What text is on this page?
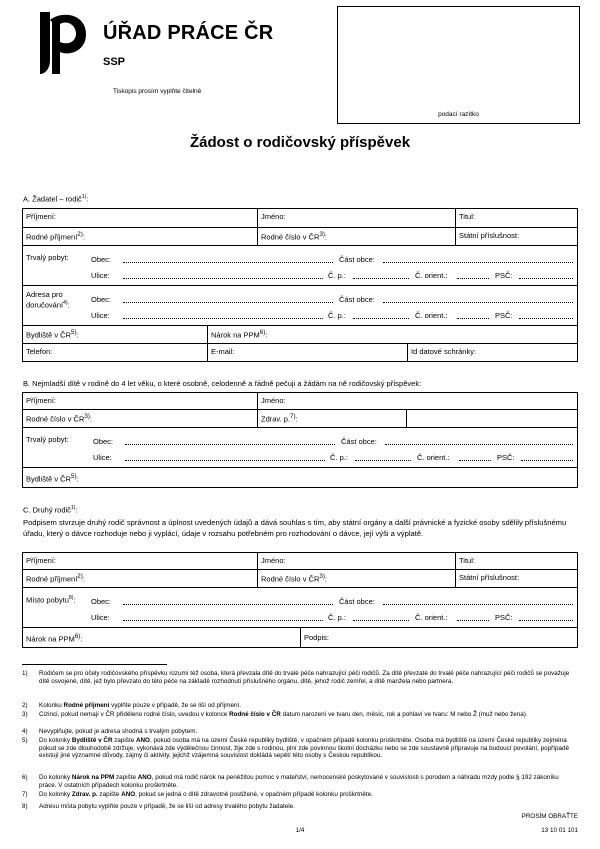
ÚŘAD PRÁCE ČR
SSP
Tiskopis prosím vyplňte čitelně
podací razítko
Žádost o rodičovský příspěvek
A. Žadatel – rodič$^{1)}$:
Příjmení:	Jméno:	Titul:
Rodné příjmení$^{2)}$:	Rodné číslo v ČR$^{3)}$:	Státní příslušnost:
Trvalý pobyt:	Obec:	Část obce:
Ulice:	Č. p.:	Č. orient.:	PSČ:
Adresa pro
doručování$^{4)}$:
Obec:	Část obce:
Ulice:	Č. p.:	Č. orient.:	PSČ:
Bydliště v ČR$^{5)}$:	Nárok na PPM$^{6)}$:
Telefon:	E-mail:	Id datové schránky:
B. Nejmladší dítě v rodině do 4 let věku, o které osobně, celodenně a řádně pečuji a žádám na ně rodičovský příspěvek:
Příjmení:	Jméno:
Rodné číslo v ČR$^{3)}$:	Zdrav. p.$^{7)}$:
Trvalý pobyt:	Obec:	Část obce:
Ulice:	Č. p.:	Č. orient.:	PSČ:
Bydliště v ČR$^{5)}$:
C. Druhý rodič$^{1)}$:
Podpisem stvrzuje druhý rodič správnost a úplnost uvedených údajů a dává souhlas s tím, aby státní orgány a další právnické a fyzické osoby sdělily příslušnému úřadu, který o dávce rozhoduje nebo ji vyplácí, údaje v rozsahu potřebném pro rozhodování o dávce, její výši a výplatě.
Příjmení:	Jméno:	Titul:
Rodné příjmení$^{2)}$:	Rodné číslo v ČR$^{3)}$:	Státní příslušnost:
Místo pobytu$^{8)}$: Obec:	Část obce:
Ulice:	Č. p.:	Č. orient.:	PSČ:
Nárok na PPM$^{6)}$:	Podpis:
1) Rodičem se pro účely rodičovského příspěvku rozumí též osoba, která převzala dítě do trvalé péče nahrazující péči rodičů. Za dítě převzaté do trvalé péče nahrazující péči rodičů se považuje dítě osvojené, dítě, jež bylo převzato do této péče na základě rozhodnutí příslušného orgánu, dítě, jehož rodič zemřel, a dítě manžela nebo partnera.
2) Kolonku Rodné příjmení vyplňte pouze v případě, že se liší od příjmení.
3) Cizinci, pokud nemají v ČR přiděleno rodné číslo, uvedou v kolonce Rodné číslo v ČR datum narození ve tvaru den, měsíc, rok a pohlaví ve tvaru: M nebo Ž (muž nebo žena).
4) Nevyplňujte, pokud je adresa shodná s trvalým pobytem.
5) Do kolonky Bydliště v ČR zapište ANO, pokud osoba má na území České republiky bydliště, v opačném případě kolonku proškrtněte. Osoba má bydliště na území České republiky zejména pokud se zde dlouhodobě zdržuje, vykonává zde výdělečnou činnost, žije zde s rodinou, plní zde povinnou školní docházku nebo se zde soustavně připravuje na budoucí povolání, popřípadě existují jiné významné důvody, zájmy či aktivity, jejichž vzájemná souvislost dokládá sepětí této osoby s Českou republikou.
6) Do kolonky Nárok na PPM zapište ANO, pokud má rodič nárok na peněžitou pomoc v mateřství, nemocenské poskytované v souvislosti s porodem a náhradu mzdy podle § 192 zákoníku práce. V ostatních případech kolonku proškrtněte.
7) Do kolonky Zdrav. p. zapište ANO, pokud se jedná o dítě zdravotně postižené, v opačném případě kolonku proškrtněte.
8) Adresu místa pobytu vyplňte pouze v případě, že se liší od adresy trvalého pobytu žadatele.
PROSÍM OBRAŤTE
13 10 01 101
1/4
